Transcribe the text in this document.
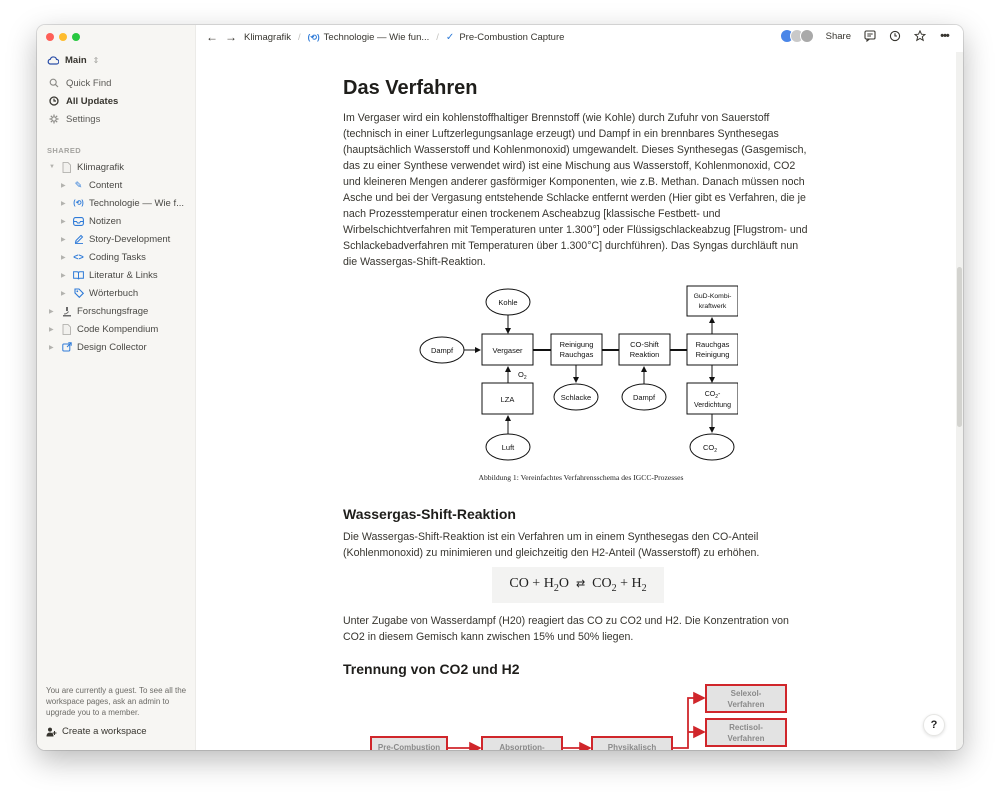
Main ⇕
Quick Find
All Updates
Settings
SHARED
▼ Klimagrafik
▶ ✎ Content
▶	(⟲) Technologie — Wie f...
▶ Notizen
▶ Story-Development
▶ <> Coding Tasks
▶ Literatur & Links
▶ Wörterbuch
▶ Forschungsfrage
▶ Code Kompendium
▶ Design Collector
You are currently a guest. To see all the workspace pages, ask an admin to upgrade you to a member.
Create a workspace
← → Klimagrafik / (⟲) Technologie — Wie fun... / ✓ Pre-Combustion Capture	Share	•••
Das Verfahren
Im Vergaser wird ein kohlenstoffhaltiger Brennstoff (wie Kohle) durch Zufuhr von Sauerstoff (technisch in einer Luftzerlegungsanlage erzeugt) und Dampf in ein brennbares Synthesegas (hauptsächlich Wasserstoff und Kohlenmonoxid) umgewandelt. Dieses Synthesegas (Gasgemisch, das zu einer Synthese verwendet wird) ist eine Mischung aus Wasserstoff, Kohlenmonoxid, CO2 und kleineren Mengen anderer gasförmiger Komponenten, wie z.B. Methan. Danach müssen noch Asche und bei der Vergasung entstehende Schlacke entfernt werden (Hier gibt es Verfahren, die je nach Prozesstemperatur einen trockenem Ascheabzug [klassische Festbett- und Wirbelschichtverfahren mit Temperaturen unter 1.300°] oder Flüssigschlackeabzug [Flugstrom- und Schlackebadverfahren mit Temperaturen über 1.300°C] durchführen). Das Syngas durchläuft nun die Wassergas-Shift-Reaktion.
Kohle
Dampf	Vergaser
$O_2$
LZA
Luft
Reinigung
Rauchgas
Schlacke
CO-Shift
Reaktion
Dampf
Rauchgas
Reinigung
GuD-Kombi-
kraftwerk
$CO_2-$
Verdichtung
$CO_2$
Abbildung 1: Vereinfachtes Verfahrensschema des IGCC-Prozesses
Wassergas-Shift-Reaktion
Die Wassergas-Shift-Reaktion ist ein Verfahren um in einem Synthesegas den CO-Anteil (Kohlenmonoxid) zu minimieren und gleichzeitig den H2-Anteil (Wasserstoff) zu erhöhen.
CO + $H_2O$ ⇄ $CO_2 + H_2$
Unter Zugabe von Wasserdampf (H20) reagiert das CO zu CO2 und H2. Die Konzentration von CO2 in diesem Gemisch kann zwischen 15% und 50% liegen.
Trennung von CO2 und H2
Pre-Combustion	Absorption-	Physikalisch
Selexol-
Verfahren
Rectisol-
Verfahren
?
